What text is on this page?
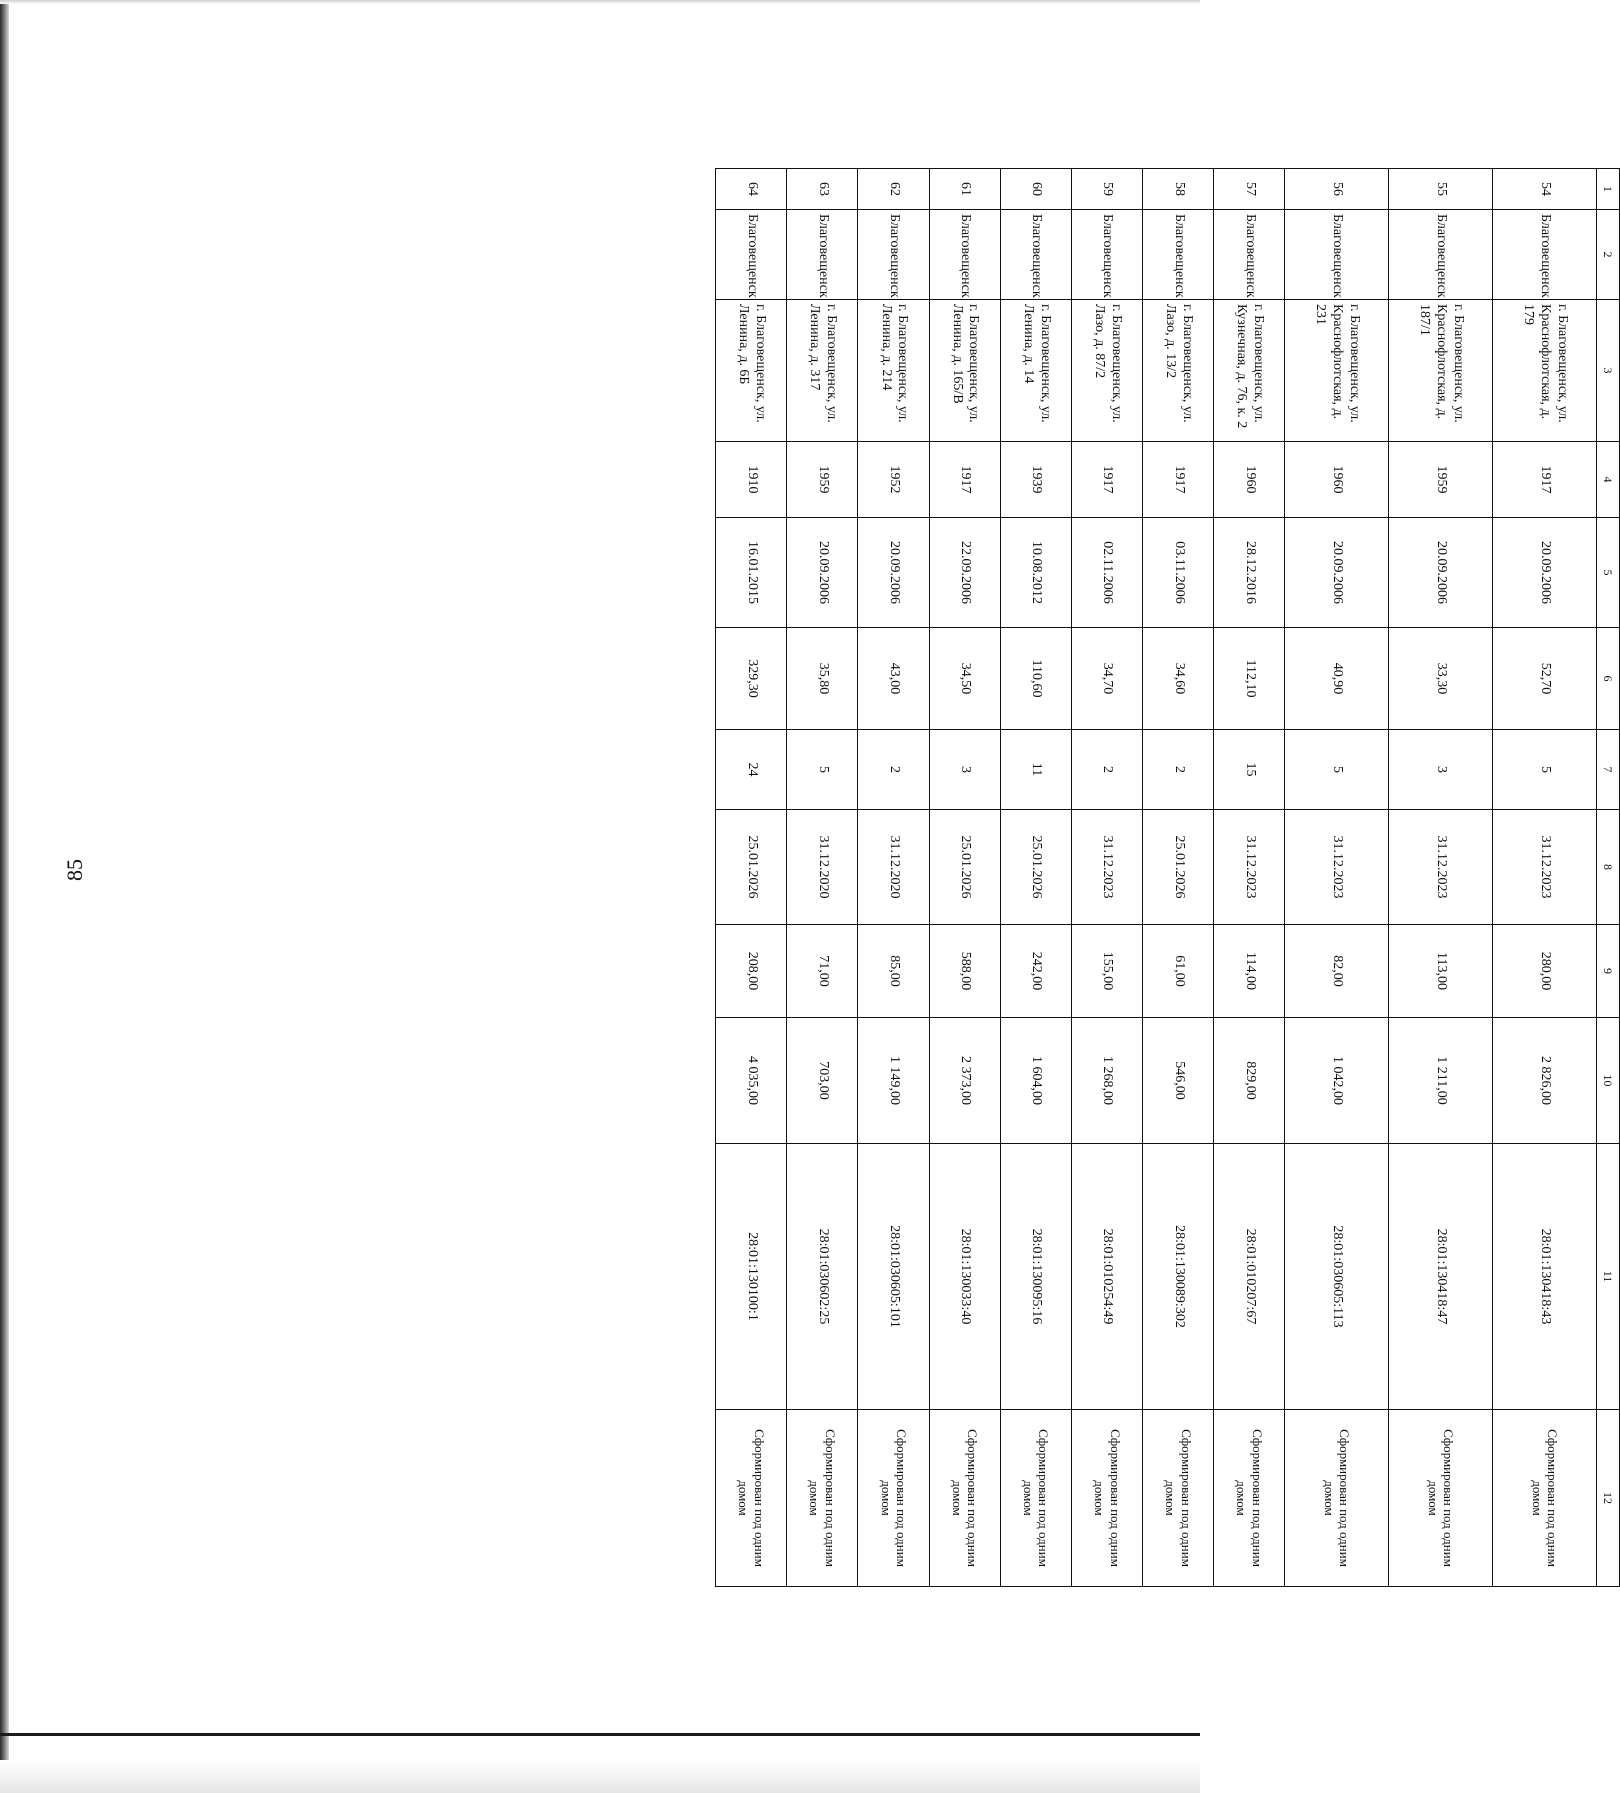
85
1	2	3	4	5	6	7	8	9	10	11	12
54	Благовещенск	г. Благовещенск, ул. Краснофлотская, д. 179	1917	20.09.2006	52,70	5	31.12.2023	280,00	2 826,00	28:01:130418:43	Сформирован под одним домом
55	Благовещенск	г. Благовещенск, ул. Краснофлотская, д. 187/1	1959	20.09.2006	33,30	3	31.12.2023	113,00	1 211,00	28:01:130418:47	Сформирован под одним домом
56	Благовещенск	г. Благовещенск, ул. Краснофлотская, д. 231	1960	20.09.2006	40,90	5	31.12.2023	82,00	1 042,00	28:01:030605:113	Сформирован под одним домом
57	Благовещенск	г. Благовещенск, ул. Кузнечная, д. 76, к. 2	1960	28.12.2016	112,10	15	31.12.2023	114,00	829,00	28:01:010207:67	Сформирован под одним домом
58	Благовещенск	г. Благовещенск, ул. Лазо, д. 13/2	1917	03.11.2006	34,60	2	25.01.2026	61,00	546,00	28:01:130089:302	Сформирован под одним домом
59	Благовещенск	г. Благовещенск, ул. Лазо, д. 87/2	1917	02.11.2006	34,70	2	31.12.2023	155,00	1 268,00	28:01:010254:49	Сформирован под одним домом
60	Благовещенск	г. Благовещенск, ул. Ленина, д. 14	1939	10.08.2012	110,60	11	25.01.2026	242,00	1 604,00	28:01:130095:16	Сформирован под одним домом
61	Благовещенск	г. Благовещенск, ул. Ленина, д. 165/В	1917	22.09.2006	34,50	3	25.01.2026	588,00	2 373,00	28:01:130033:40	Сформирован под одним домом
62	Благовещенск	г. Благовещенск, ул. Ленина, д. 214	1952	20.09.2006	43,00	2	31.12.2020	85,00	1 149,00	28:01:030605:101	Сформирован под одним домом
63	Благовещенск	г. Благовещенск, ул. Ленина, д. 317	1959	20.09.2006	35,80	5	31.12.2020	71,00	703,00	28:01:030602:25	Сформирован под одним домом
64	Благовещенск	г. Благовещенск, ул. Ленина, д. 6Б	1910	16.01.2015	329,30	24	25.01.2026	208,00	4 035,00	28:01:130100:1	Сформирован под одним домом
